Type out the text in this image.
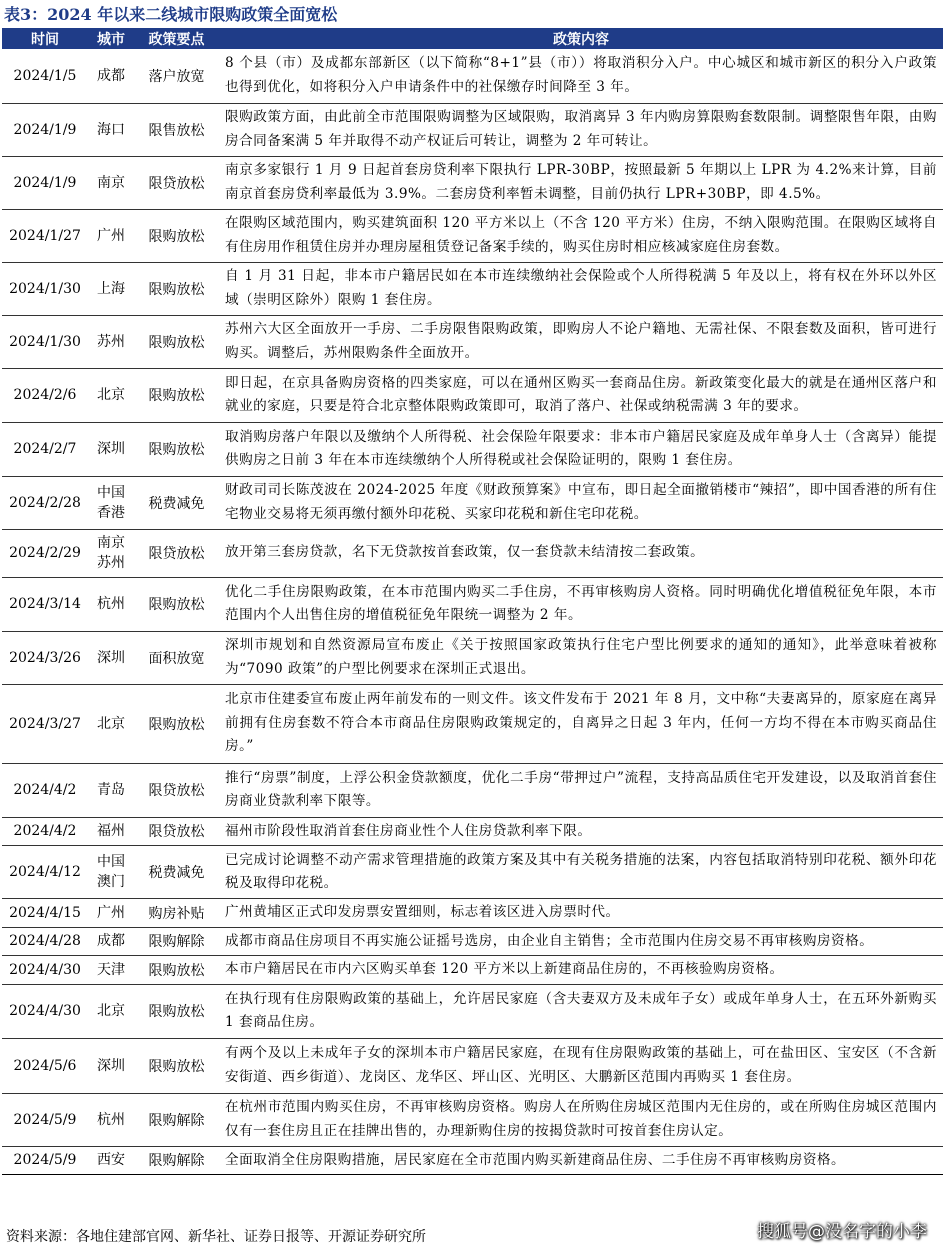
表3：2024 年以来二线城市限购政策全面宽松
时间	城市	政策要点	政策内容
2024/1/5	成都	落户放宽	8 个县（市）及成都东部新区（以下简称“8+1”县（市））将取消积分入户。中心城区和城市新区的积分入户政策也得到优化，如将积分入户申请条件中的社保缴存时间降至 3 年。
2024/1/9	海口	限售放松	限购政策方面，由此前全市范围限购调整为区域限购，取消离异 3 年内购房算限购套数限制。调整限售年限，由购房合同备案满 5 年并取得不动产权证后可转让，调整为 2 年可转让。
2024/1/9	南京	限贷放松	南京多家银行 1 月 9 日起首套房贷利率下限执行 LPR-30BP，按照最新 5 年期以上 LPR 为 4.2%来计算，目前南京首套房贷利率最低为 3.9%。二套房贷利率暂未调整，目前仍执行 LPR+30BP，即 4.5%。
2024/1/27	广州	限购放松	在限购区域范围内，购买建筑面积 120 平方米以上（不含 120 平方米）住房，不纳入限购范围。在限购区域将自有住房用作租赁住房并办理房屋租赁登记备案手续的，购买住房时相应核减家庭住房套数。
2024/1/30	上海	限购放松	自 1 月 31 日起，非本市户籍居民如在本市连续缴纳社会保险或个人所得税满 5 年及以上，将有权在外环以外区域（崇明区除外）限购 1 套住房。
2024/1/30	苏州	限购放松	苏州六大区全面放开一手房、二手房限售限购政策，即购房人不论户籍地、无需社保、不限套数及面积，皆可进行购买。调整后，苏州限购条件全面放开。
2024/2/6	北京	限购放松	即日起，在京具备购房资格的四类家庭，可以在通州区购买一套商品住房。新政策变化最大的就是在通州区落户和就业的家庭，只要是符合北京整体限购政策即可，取消了落户、社保或纳税需满 3 年的要求。
2024/2/7	深圳	限购放松	取消购房落户年限以及缴纳个人所得税、社会保险年限要求：非本市户籍居民家庭及成年单身人士（含离异）能提供购房之日前 3 年在本市连续缴纳个人所得税或社会保险证明的，限购 1 套住房。
2024/2/28	中国香港	税费减免	财政司司长陈茂波在 2024-2025 年度《财政预算案》中宣布，即日起全面撤销楼市“辣招”，即中国香港的所有住宅物业交易将无须再缴付额外印花税、买家印花税和新住宅印花税。
2024/2/29	南京苏州	限贷放松	放开第三套房贷款，名下无贷款按首套政策，仅一套贷款未结清按二套政策。
2024/3/14	杭州	限购放松	优化二手住房限购政策，在本市范围内购买二手住房，不再审核购房人资格。同时明确优化增值税征免年限，本市范围内个人出售住房的增值税征免年限统一调整为 2 年。
2024/3/26	深圳	面积放宽	深圳市规划和自然资源局宣布废止《关于按照国家政策执行住宅户型比例要求的通知的通知》，此举意味着被称为“7090 政策”的户型比例要求在深圳正式退出。
2024/3/27	北京	限购放松	北京市住建委宣布废止两年前发布的一则文件。该文件发布于 2021 年 8 月，文中称“夫妻离异的，原家庭在离异前拥有住房套数不符合本市商品住房限购政策规定的，自离异之日起 3 年内，任何一方均不得在本市购买商品住房。”
2024/4/2	青岛	限贷放松	推行“房票”制度，上浮公积金贷款额度，优化二手房“带押过户”流程，支持高品质住宅开发建设，以及取消首套住房商业贷款利率下限等。
2024/4/2	福州	限贷放松	福州市阶段性取消首套住房商业性个人住房贷款利率下限。
2024/4/12	中国澳门	税费减免	已完成讨论调整不动产需求管理措施的政策方案及其中有关税务措施的法案，内容包括取消特别印花税、额外印花税及取得印花税。
2024/4/15	广州	购房补贴	广州黄埔区正式印发房票安置细则，标志着该区进入房票时代。
2024/4/28	成都	限购解除	成都市商品住房项目不再实施公证摇号选房，由企业自主销售；全市范围内住房交易不再审核购房资格。
2024/4/30	天津	限购放松	本市户籍居民在市内六区购买单套 120 平方米以上新建商品住房的，不再核验购房资格。
2024/4/30	北京	限购放松	在执行现有住房限购政策的基础上，允许居民家庭（含夫妻双方及未成年子女）或成年单身人士，在五环外新购买 1 套商品住房。
2024/5/6	深圳	限购放松	有两个及以上未成年子女的深圳本市户籍居民家庭，在现有住房限购政策的基础上，可在盐田区、宝安区（不含新安街道、西乡街道）、龙岗区、龙华区、坪山区、光明区、大鹏新区范围内再购买 1 套住房。
2024/5/9	杭州	限购解除	在杭州市范围内购买住房，不再审核购房资格。购房人在所购住房城区范围内无住房的，或在所购住房城区范围内仅有一套住房且正在挂牌出售的，办理新购住房的按揭贷款时可按首套住房认定。
2024/5/9	西安	限购解除	全面取消全住房限购措施，居民家庭在全市范围内购买新建商品住房、二手住房不再审核购房资格。
资料来源：各地住建部官网、新华社、证券日报等、开源证券研究所	搜狐号@没名字的小李
